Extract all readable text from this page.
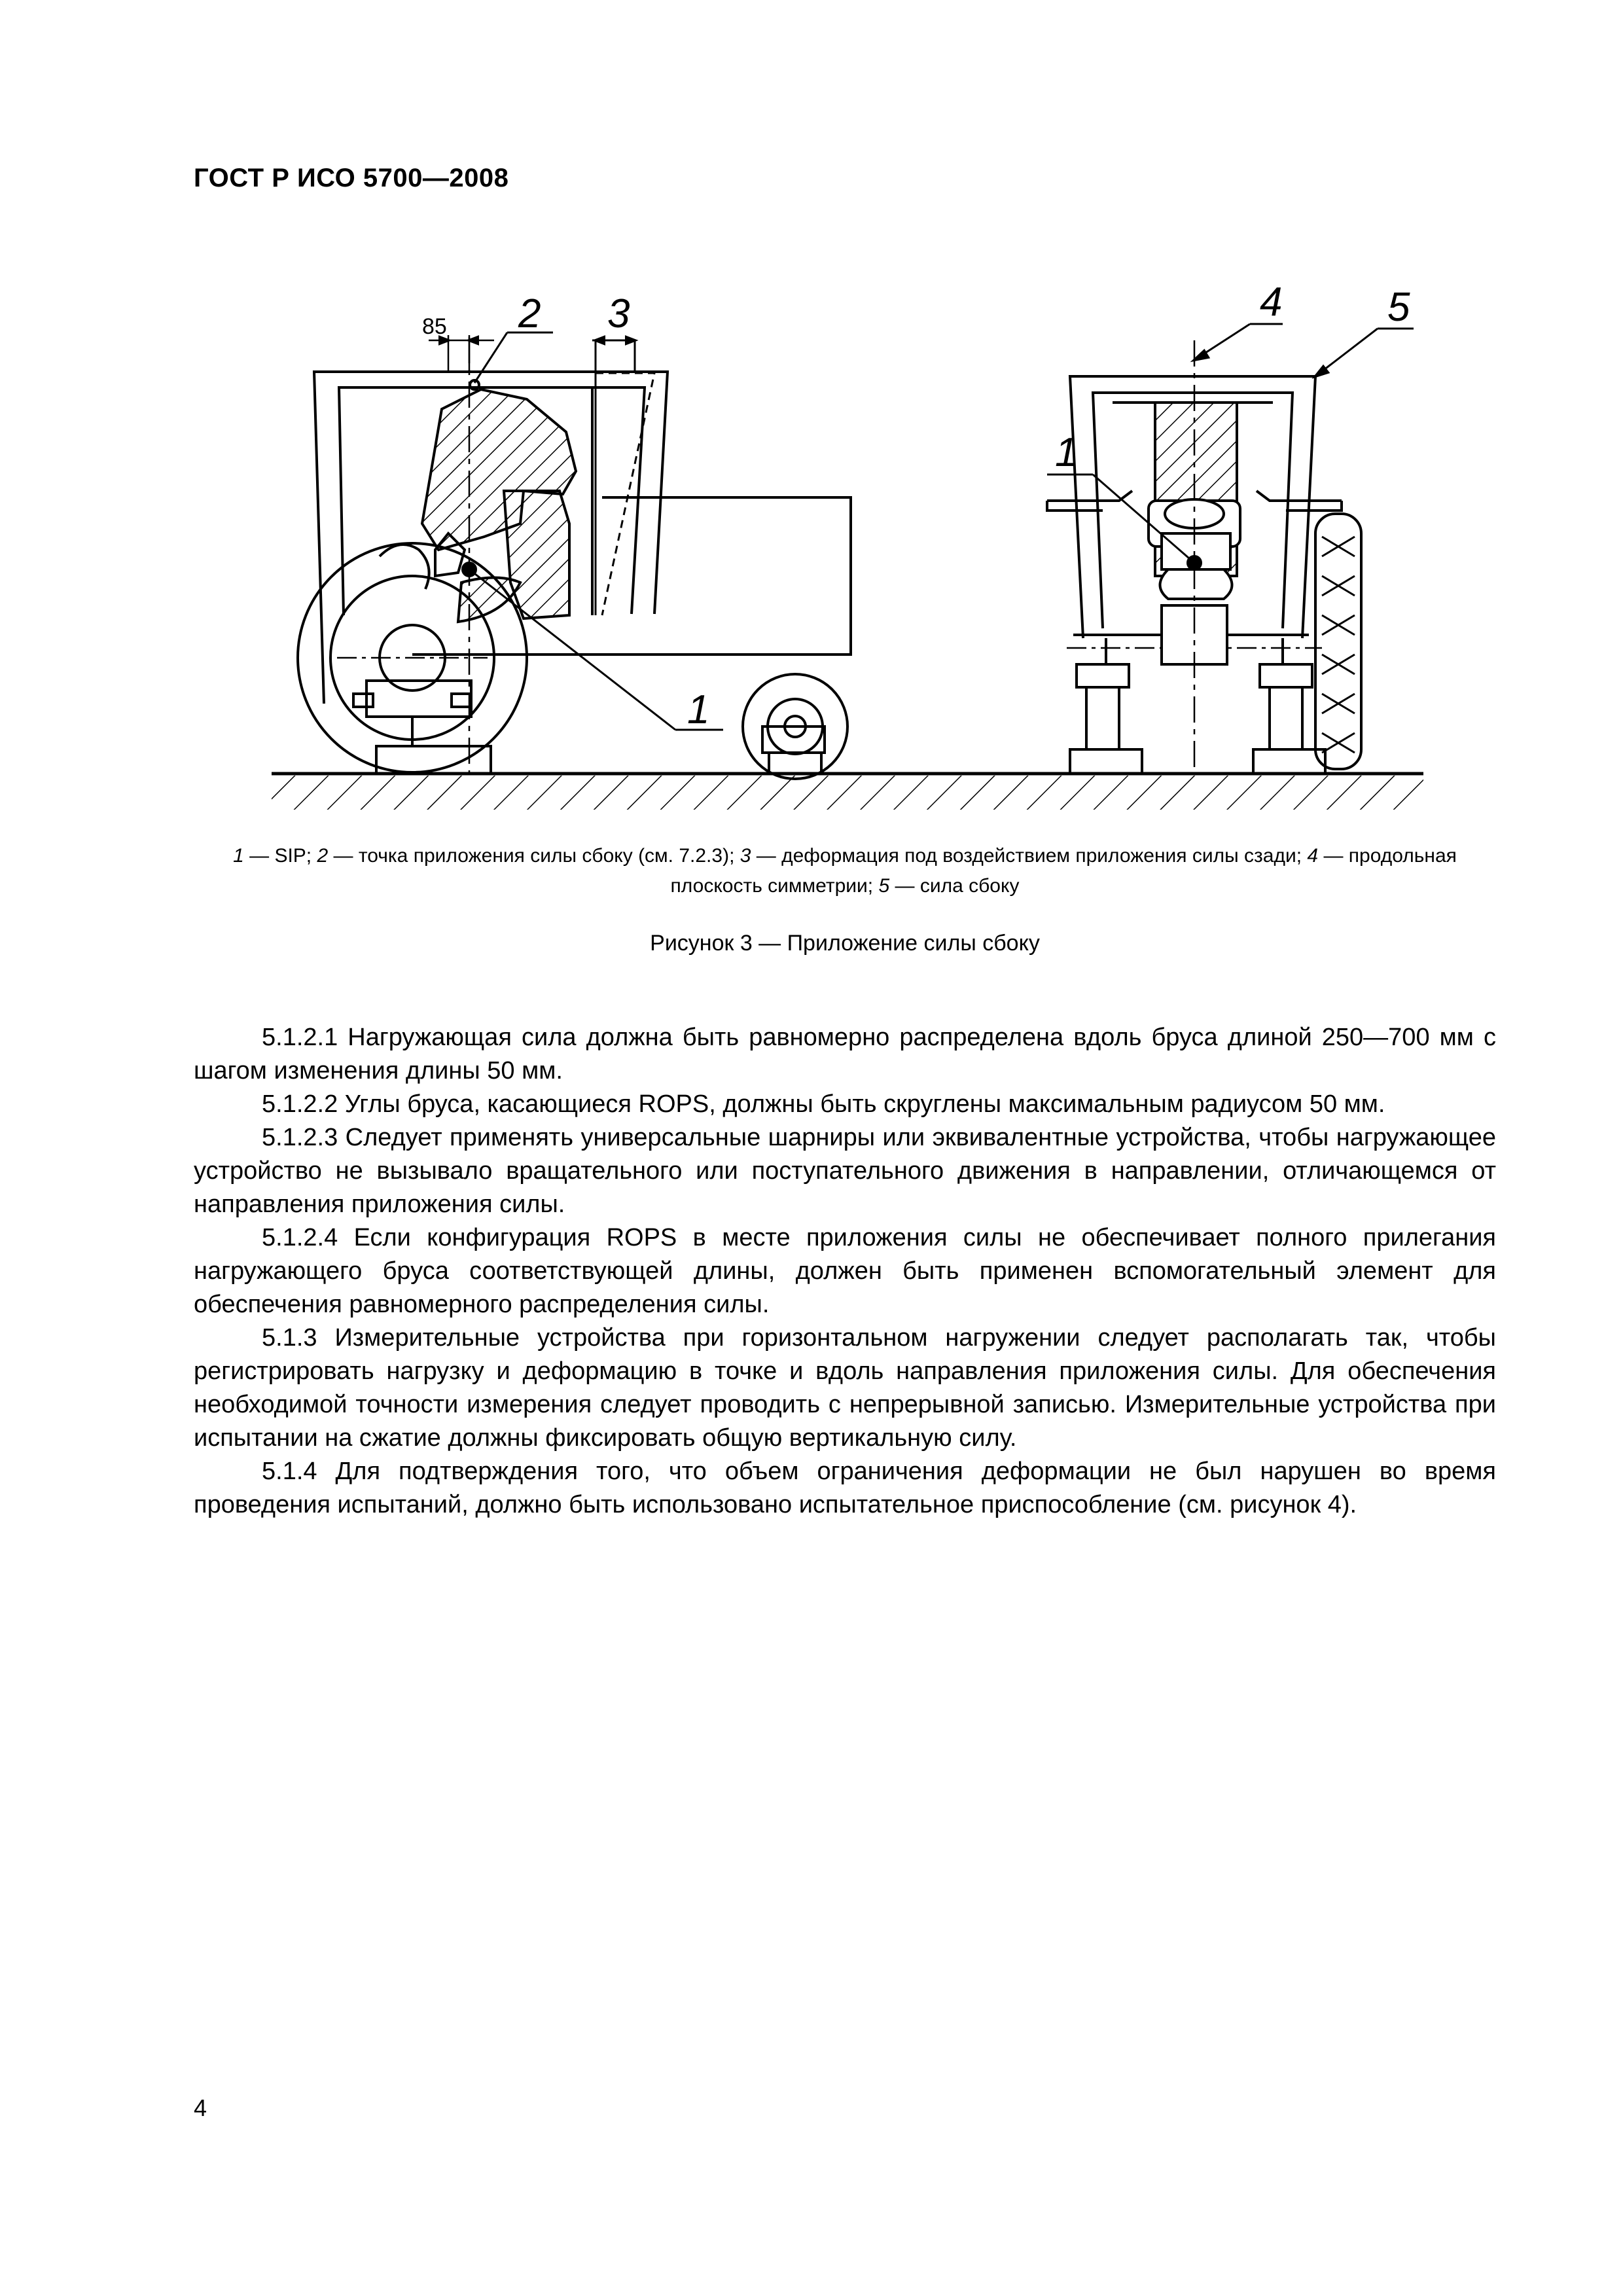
ГОСТ Р ИСО 5700—2008
85 2 3
1
1
4	5
1 — SIP; 2 — точка приложения силы сбоку (см. 7.2.3); 3 — деформация под воздействием приложения силы сзади; 4 — продольная плоскость симметрии; 5 — сила сбоку
Рисунок 3 — Приложение силы сбоку

5.1.2.1 Нагружающая сила должна быть равномерно распределена вдоль бруса длиной 250—700 мм с шагом изменения длины 50 мм.

5.1.2.2 Углы бруса, касающиеся ROPS, должны быть скруглены максимальным радиусом 50 мм.

5.1.2.3 Следует применять универсальные шарниры или эквивалентные устройства, чтобы нагружающее устройство не вызывало вращательного или поступательного движения в направлении, отличающемся от направления приложения силы.

5.1.2.4 Если конфигурация ROPS в месте приложения силы не обеспечивает полного прилегания нагружающего бруса соответствующей длины, должен быть применен вспомогательный элемент для обеспечения равномерного распределения силы.

5.1.3 Измерительные устройства при горизонтальном нагружении следует располагать так, чтобы регистрировать нагрузку и деформацию в точке и вдоль направления приложения силы. Для обеспечения необходимой точности измерения следует проводить с непрерывной записью. Измерительные устройства при испытании на сжатие должны фиксировать общую вертикальную силу.

5.1.4 Для подтверждения того, что объем ограничения деформации не был нарушен во время проведения испытаний, должно быть использовано испытательное приспособление (см. рисунок 4).

4
